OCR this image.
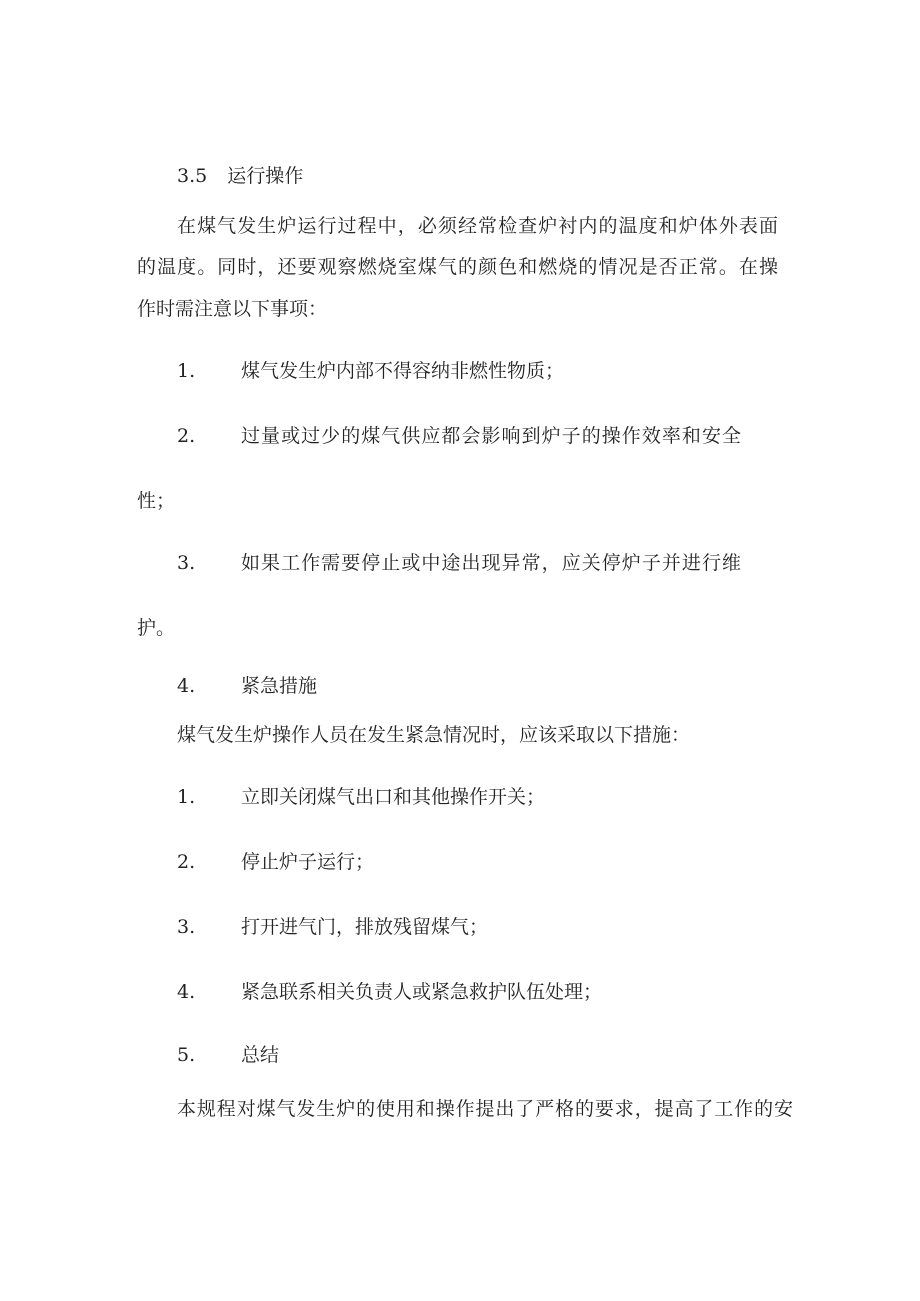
3.5 运行操作
在煤气发生炉运行过程中，必须经常检查炉衬内的温度和炉体外表面
的温度。同时，还要观察燃烧室煤气的颜色和燃烧的情况是否正常。在操
作时需注意以下事项：
1. 煤气发生炉内部不得容纳非燃性物质；
2. 过量或过少的煤气供应都会影响到炉子的操作效率和安全
性；
3. 如果工作需要停止或中途出现异常，应关停炉子并进行维
护。
4. 紧急措施
煤气发生炉操作人员在发生紧急情况时，应该采取以下措施：
1. 立即关闭煤气出口和其他操作开关；
2. 停止炉子运行；
3. 打开进气门，排放残留煤气；
4. 紧急联系相关负责人或紧急救护队伍处理；
5. 总结
本规程对煤气发生炉的使用和操作提出了严格的要求，提高了工作的安
